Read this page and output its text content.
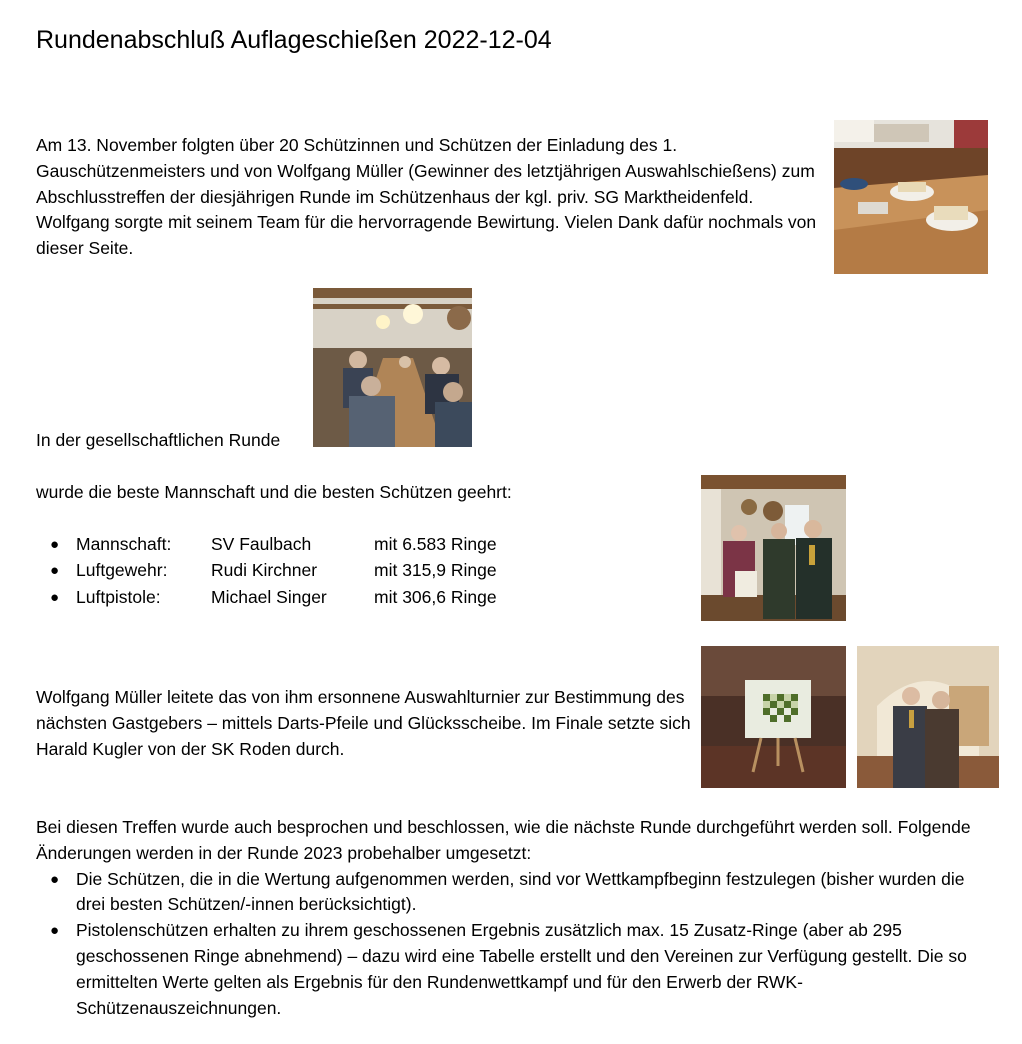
Rundenabschluß Auflageschießen 2022-12-04
Am 13. November folgten über 20 Schützinnen und Schützen der Einladung des 1. Gauschützenmeisters und von Wolfgang Müller (Gewinner des letztjährigen Auswahlschießens) zum Abschlusstreffen der diesjährigen Runde im Schützenhaus der kgl. priv. SG Marktheidenfeld. Wolfgang sorgte mit seinem Team für die hervorragende Bewirtung. Vielen Dank dafür nochmals von dieser Seite.
In der gesellschaftlichen Runde
wurde die beste Mannschaft und die besten Schützen geehrt:
● Mannschaft:	SV Faulbach	mit 6.583 Ringe
● Luftgewehr:	Rudi Kirchner	mit 315,9 Ringe
● Luftpistole:	Michael Singer	mit 306,6 Ringe
Wolfgang Müller leitete das von ihm ersonnene Auswahlturnier zur Bestimmung des nächsten Gastgebers – mittels Darts-Pfeile und Glücksscheibe. Im Finale setzte sich Harald Kugler von der SK Roden durch.
Bei diesen Treffen wurde auch besprochen und beschlossen, wie die nächste Runde durchgeführt werden soll. Folgende Änderungen werden in der Runde 2023 probehalber umgesetzt:
● Die Schützen, die in die Wertung aufgenommen werden, sind vor Wettkampfbeginn festzulegen (bisher wurden die drei besten Schützen/-innen berücksichtigt).
● Pistolenschützen erhalten zu ihrem geschossenen Ergebnis zusätzlich max. 15 Zusatz-Ringe (aber ab 295 geschossenen Ringe abnehmend) – dazu wird eine Tabelle erstellt und den Vereinen zur Verfügung gestellt. Die so ermittelten Werte gelten als Ergebnis für den Rundenwettkampf und für den Erwerb der RWK-Schützenauszeichnungen.
